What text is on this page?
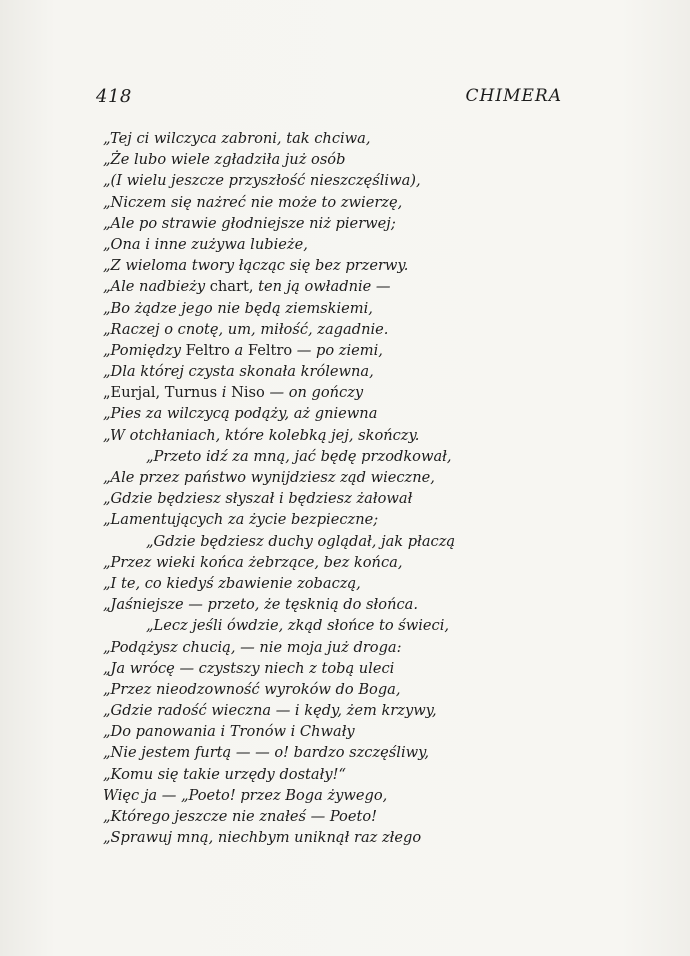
418	CHIMERA
„Tej ci wilczyca zabroni, tak chciwa,
„Że lubo wiele zgładziła już osób
„(I wielu jeszcze przyszłość nieszczęśliwa),
„Niczem się nażreć nie może to zwierzę,
„Ale po strawie głodniejsze niż pierwej;
„Ona i inne zużywa lubieże,
„Z wieloma twory łącząc się bez przerwy.
„Ale nadbieży chart, ten ją owładnie —
„Bo żądze jego nie będą ziemskiemi,
„Raczej o cnotę, um, miłość, zagadnie.
„Pomiędzy Feltro a Feltro — po ziemi,
„Dla której czysta skonała królewna,
„Eurjal, Turnus i Niso — on gończy
„Pies za wilczycą podąży, aż gniewna
„W otchłaniach, które kolebką jej, skończy.
„Przeto idź za mną, jać będę przodkował,
„Ale przez państwo wynijdziesz ząd wieczne,
„Gdzie będziesz słyszał i będziesz żałował
„Lamentujących za życie bezpieczne;
„Gdzie będziesz duchy oglądał, jak płaczą
„Przez wieki końca żebrzące, bez końca,
„I te, co kiedyś zbawienie zobaczą,
„Jaśniejsze — przeto, że tęsknią do słońca.
„Lecz jeśli ówdzie, zkąd słońce to świeci,
„Podążysz chucią, — nie moja już droga:
„Ja wrócę — czystszy niech z tobą uleci
„Przez nieodzowność wyroków do Boga,
„Gdzie radość wieczna — i kędy, żem krzywy,
„Do panowania i Tronów i Chwały
„Nie jestem furtą — — o! bardzo szczęśliwy,
„Komu się takie urzędy dostały!“
Więc ja — „Poeto! przez Boga żywego,
„Którego jeszcze nie znałeś — Poeto!
„Sprawuj mną, niechbym uniknął raz złego
